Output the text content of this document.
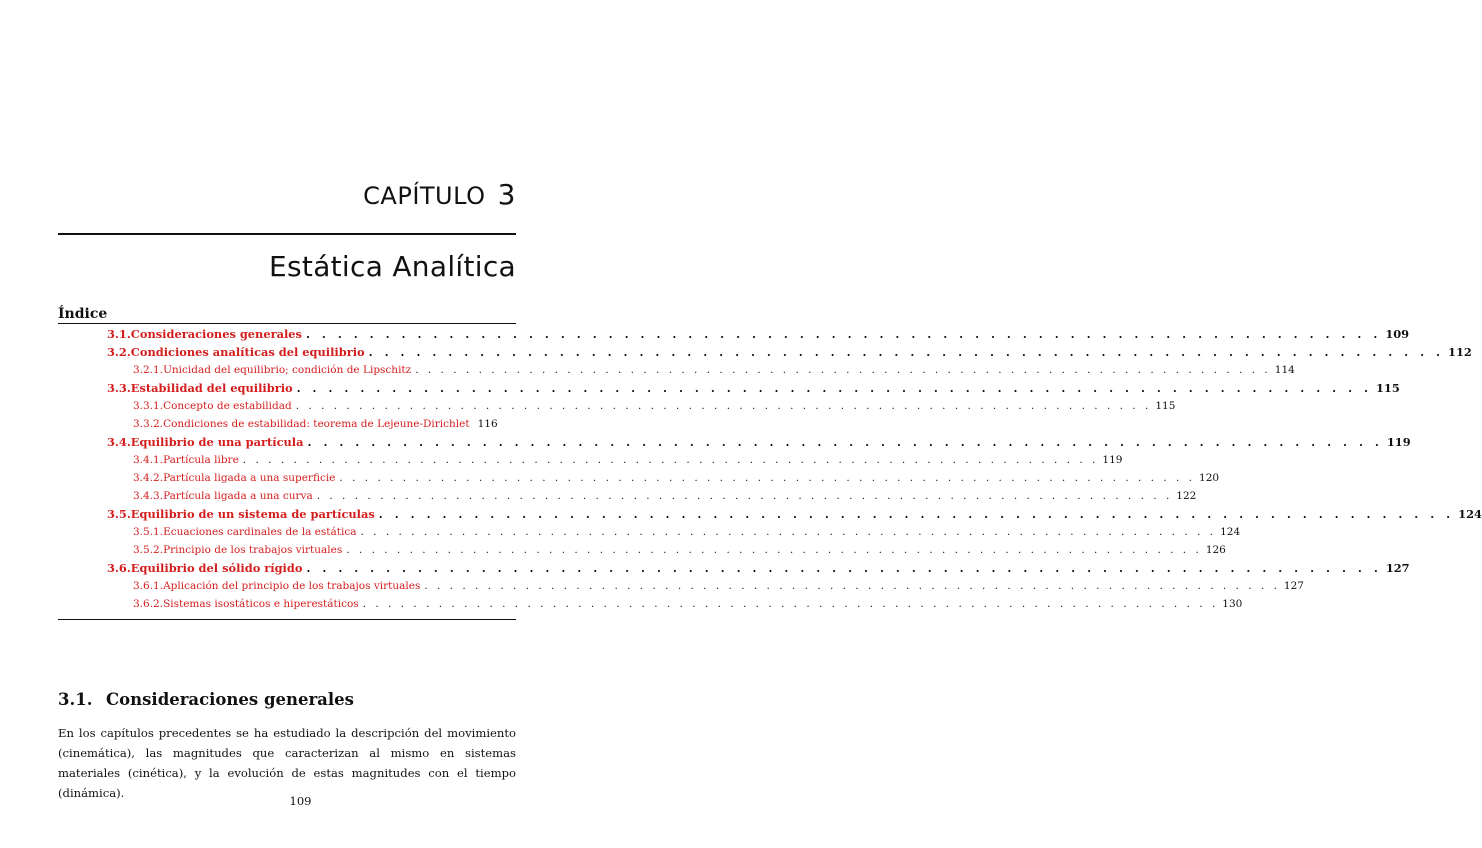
CAPÍTULO 3
Estática Analítica
Índice
3.1. Consideraciones generales . . . . . . . . . . . . . . . . . . . . . . . . . . . . . . . . . . . . . . . . . . . . . . . . . . . . . . . . . . . . . . . . . . . . 109
3.2. Condiciones analíticas del equilibrio . . . . . . . . . . . . . . . . . . . . . . . . . . . . . . . . . . . . . . . . . . . . . . . . . . . . . . . . . . . . . . . . . . . . 112
3.2.1. Unicidad del equilibrio; condición de Lipschitz . . . . . . . . . . . . . . . . . . . . . . . . . . . . . . . . . . . . . . . . . . . . . . . . . . . . . . . . . . . . . . . . . . . . 114
3.3. Estabilidad del equilibrio . . . . . . . . . . . . . . . . . . . . . . . . . . . . . . . . . . . . . . . . . . . . . . . . . . . . . . . . . . . . . . . . . . . . 115
3.3.1. Concepto de estabilidad . . . . . . . . . . . . . . . . . . . . . . . . . . . . . . . . . . . . . . . . . . . . . . . . . . . . . . . . . . . . . . . . . . . . 115
3.3.2. Condiciones de estabilidad: teorema de Lejeune-Dirichlet 116
3.4. Equilibrio de una partícula . . . . . . . . . . . . . . . . . . . . . . . . . . . . . . . . . . . . . . . . . . . . . . . . . . . . . . . . . . . . . . . . . . . . 119
3.4.1. Partícula libre . . . . . . . . . . . . . . . . . . . . . . . . . . . . . . . . . . . . . . . . . . . . . . . . . . . . . . . . . . . . . . . . . . . . 119
3.4.2. Partícula ligada a una superficie . . . . . . . . . . . . . . . . . . . . . . . . . . . . . . . . . . . . . . . . . . . . . . . . . . . . . . . . . . . . . . . . . . . . 120
3.4.3. Partícula ligada a una curva . . . . . . . . . . . . . . . . . . . . . . . . . . . . . . . . . . . . . . . . . . . . . . . . . . . . . . . . . . . . . . . . . . . . 122
3.5. Equilibrio de un sistema de partículas . . . . . . . . . . . . . . . . . . . . . . . . . . . . . . . . . . . . . . . . . . . . . . . . . . . . . . . . . . . . . . . . . . . . 124
3.5.1. Ecuaciones cardinales de la estática . . . . . . . . . . . . . . . . . . . . . . . . . . . . . . . . . . . . . . . . . . . . . . . . . . . . . . . . . . . . . . . . . . . . 124
3.5.2. Principio de los trabajos virtuales . . . . . . . . . . . . . . . . . . . . . . . . . . . . . . . . . . . . . . . . . . . . . . . . . . . . . . . . . . . . . . . . . . . . 126
3.6. Equilibrio del sólido rígido . . . . . . . . . . . . . . . . . . . . . . . . . . . . . . . . . . . . . . . . . . . . . . . . . . . . . . . . . . . . . . . . . . . . 127
3.6.1. Aplicación del principio de los trabajos virtuales . . . . . . . . . . . . . . . . . . . . . . . . . . . . . . . . . . . . . . . . . . . . . . . . . . . . . . . . . . . . . . . . . . . . 127
3.6.2. Sistemas isostáticos e hiperestáticos . . . . . . . . . . . . . . . . . . . . . . . . . . . . . . . . . . . . . . . . . . . . . . . . . . . . . . . . . . . . . . . . . . . . 130
3.1. Consideraciones generales

En los capítulos precedentes se ha estudiado la descripción del movimiento (cinemática), las magnitudes que caracterizan al mismo en sistemas materiales (cinética), y la evolución de estas magnitudes con el tiempo (dinámica).

109
